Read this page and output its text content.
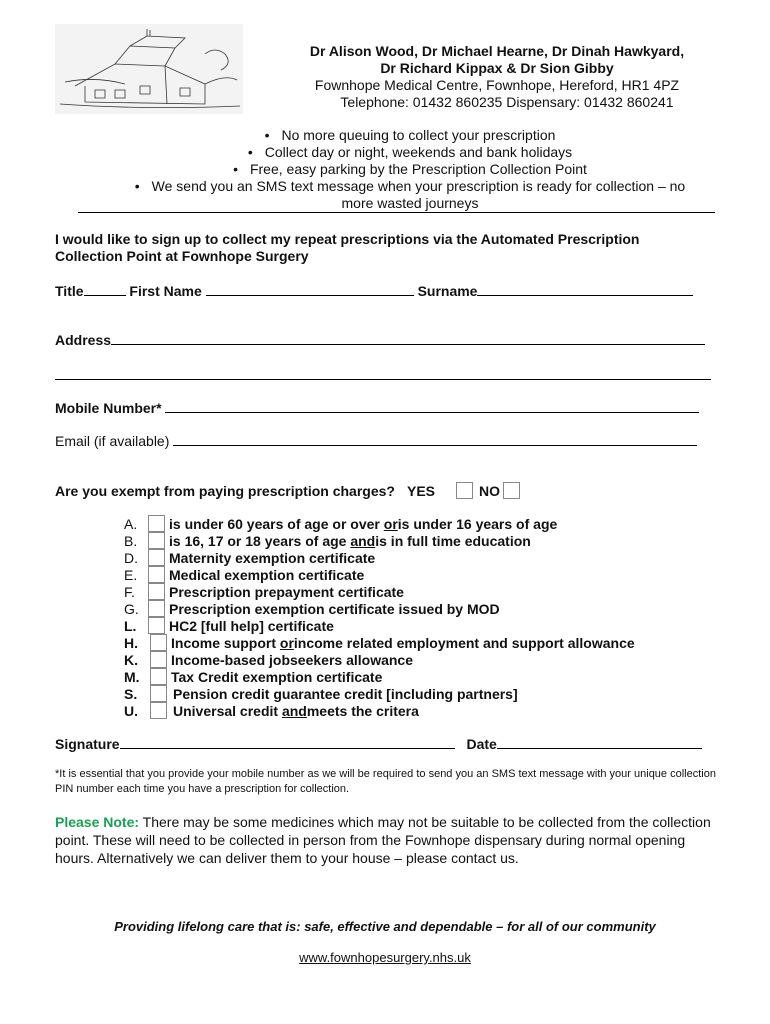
Dr Alison Wood, Dr Michael Hearne, Dr Dinah Hawkyard,
Dr Richard Kippax & Dr Sion Gibby
Fownhope Medical Centre, Fownhope, Hereford, HR1 4PZ
Telephone: 01432 860235 Dispensary: 01432 860241
• No more queuing to collect your prescription
• Collect day or night, weekends and bank holidays
• Free, easy parking by the Prescription Collection Point
• We send you an SMS text message when your prescription is ready for collection – no
more wasted journeys
I would like to sign up to collect my repeat prescriptions via the Automated Prescription
Collection Point at Fownhope Surgery
Title	First Name	Surname
Address
Mobile Number*
Email (if available)
Are you exempt from paying prescription charges? YES	NO
A.	is under 60 years of age or over
or is under 16 years of age
B.	is 16, 17 or 18 years of age
and is in full time education
D.	Maternity exemption certificate
E.	Medical exemption certificate
F.	Prescription prepayment certificate
G.	Prescription exemption certificate issued by MOD
L.	HC2 [full help] certificate
H.	Income support
or income related employment and support allowance
K.	Income-based jobseekers allowance
M.	Tax Credit exemption certificate
S.	Pension credit guarantee credit [including partners]
U.	Universal credit
and meets the critera
Signature	Date
*It is essential that you provide your mobile number as we will be required to send you an SMS text message with your unique collection PIN number each time you have a prescription for collection.
Please Note: There may be some medicines which may not be suitable to be collected from the collection point. These will need to be collected in person from the Fownhope dispensary during normal opening hours. Alternatively we can deliver them to your house – please contact us.
Providing lifelong care that is: safe, effective and dependable – for all of our community
www.fownhopesurgery.nhs.uk
